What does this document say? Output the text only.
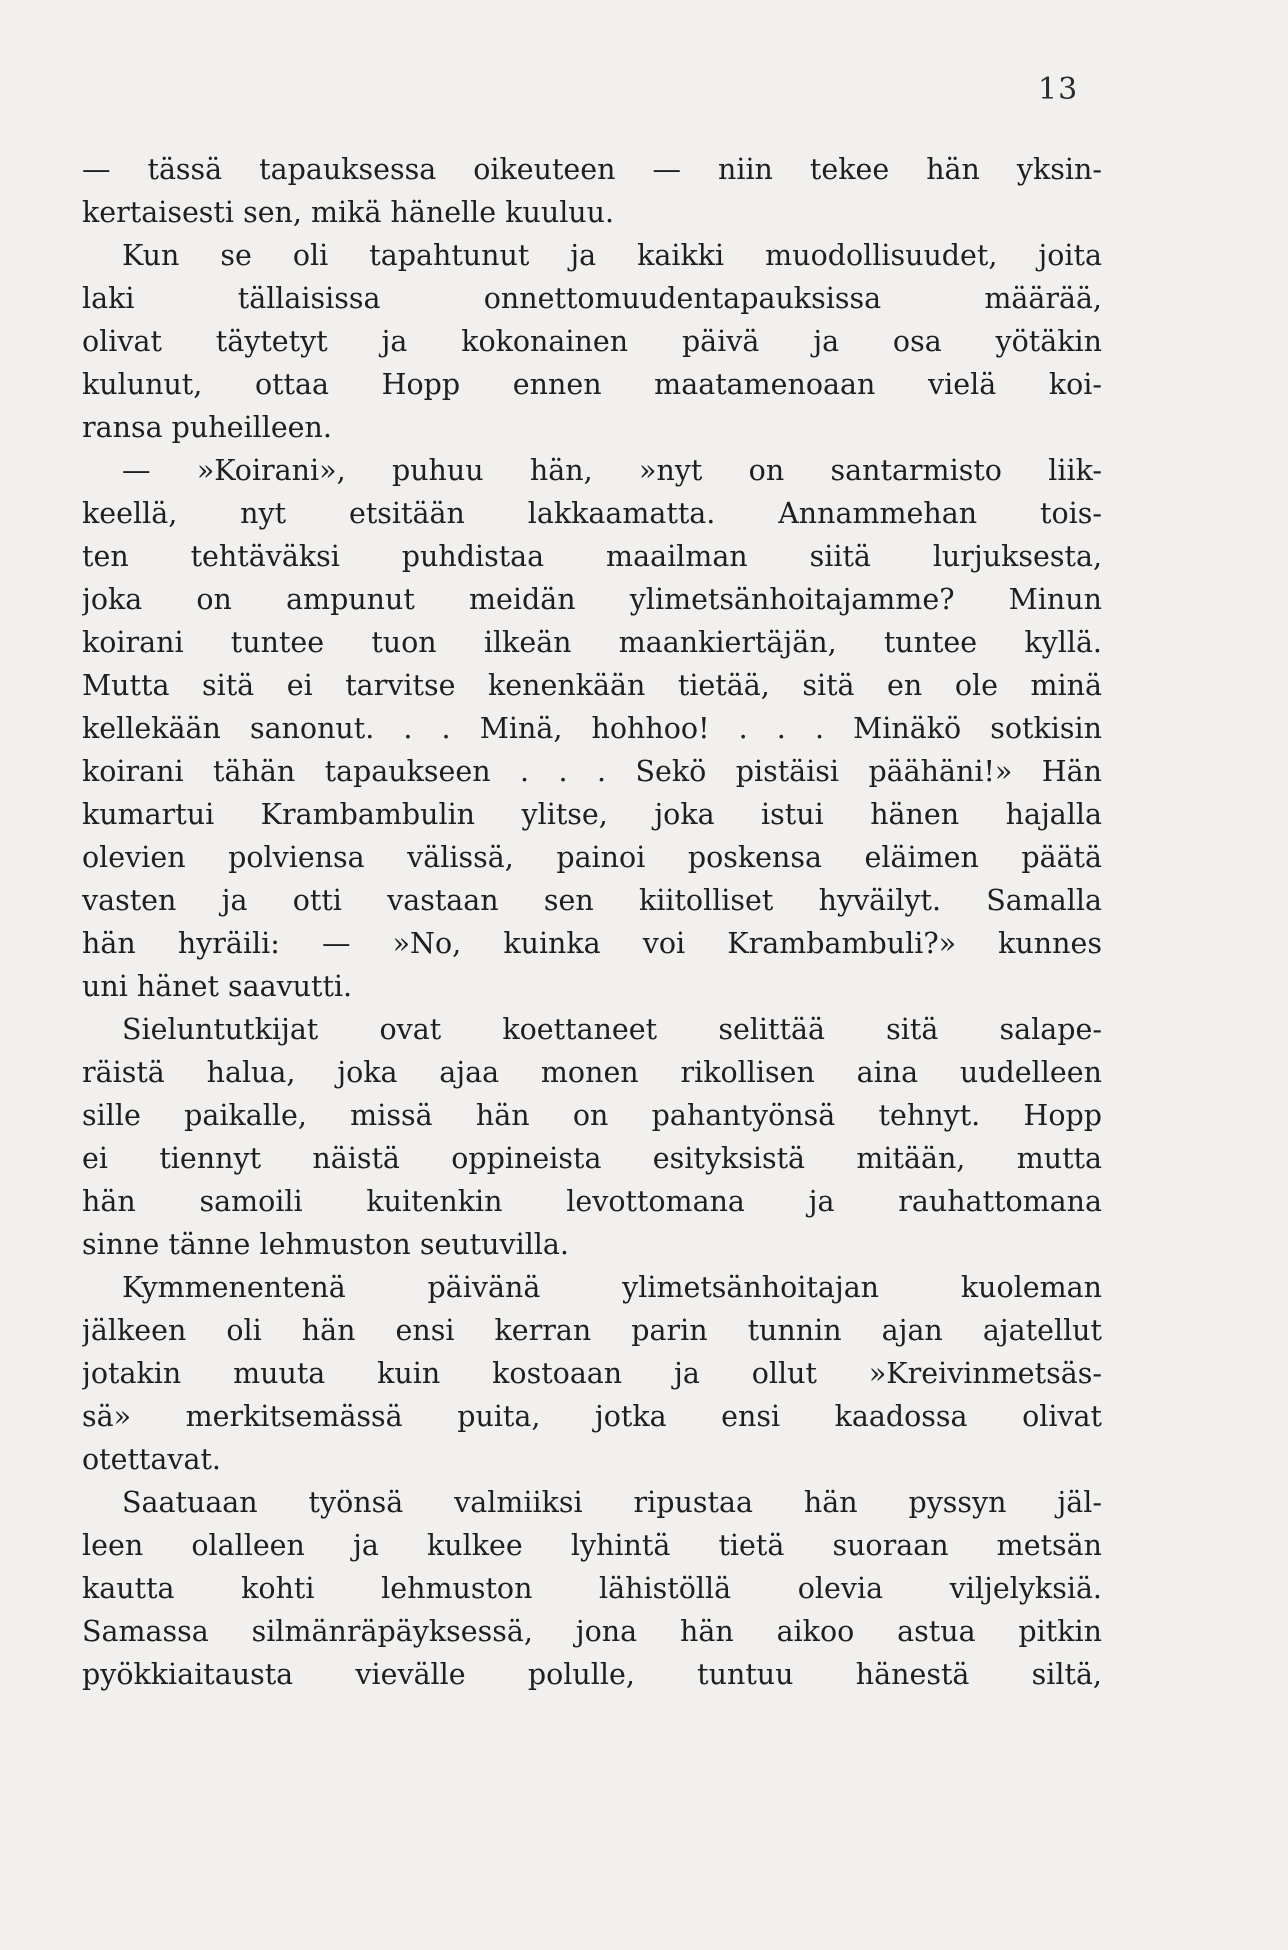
13
— tässä tapauksessa oikeuteen — niin tekee hän yksin-
kertaisesti sen, mikä hänelle kuuluu.
Kun se oli tapahtunut ja kaikki muodollisuudet, joita
laki tällaisissa onnettomuudentapauksissa määrää,
olivat täytetyt ja kokonainen päivä ja osa yötäkin
kulunut, ottaa Hopp ennen maatamenoaan vielä koi-
ransa puheilleen.
— »Koirani», puhuu hän, »nyt on santarmisto liik-
keellä, nyt etsitään lakkaamatta. Annammehan tois-
ten tehtäväksi puhdistaa maailman siitä lurjuksesta,
joka on ampunut meidän ylimetsänhoitajamme? Minun
koirani tuntee tuon ilkeän maankiertäjän, tuntee kyllä.
Mutta sitä ei tarvitse kenenkään tietää, sitä en ole minä
kellekään sanonut. . . Minä, hohhoo! . . . Minäkö sotkisin
koirani tähän tapaukseen . . . Sekö pistäisi päähäni!» Hän
kumartui Krambambulin ylitse, joka istui hänen hajalla
olevien polviensa välissä, painoi poskensa eläimen päätä
vasten ja otti vastaan sen kiitolliset hyväilyt. Samalla
hän hyräili: — »No, kuinka voi Krambambuli?» kunnes
uni hänet saavutti.
Sieluntutkijat ovat koettaneet selittää sitä salape-
räistä halua, joka ajaa monen rikollisen aina uudelleen
sille paikalle, missä hän on pahantyönsä tehnyt. Hopp
ei tiennyt näistä oppineista esityksistä mitään, mutta
hän samoili kuitenkin levottomana ja rauhattomana
sinne tänne lehmuston seutuvilla.
Kymmenentenä päivänä ylimetsänhoitajan kuoleman
jälkeen oli hän ensi kerran parin tunnin ajan ajatellut
jotakin muuta kuin kostoaan ja ollut »Kreivinmetsäs-
sä» merkitsemässä puita, jotka ensi kaadossa olivat
otettavat.
Saatuaan työnsä valmiiksi ripustaa hän pyssyn jäl-
leen olalleen ja kulkee lyhintä tietä suoraan metsän
kautta kohti lehmuston lähistöllä olevia viljelyksiä.
Samassa silmänräpäyksessä, jona hän aikoo astua pitkin
pyökkiaitausta vievälle polulle, tuntuu hänestä siltä,
